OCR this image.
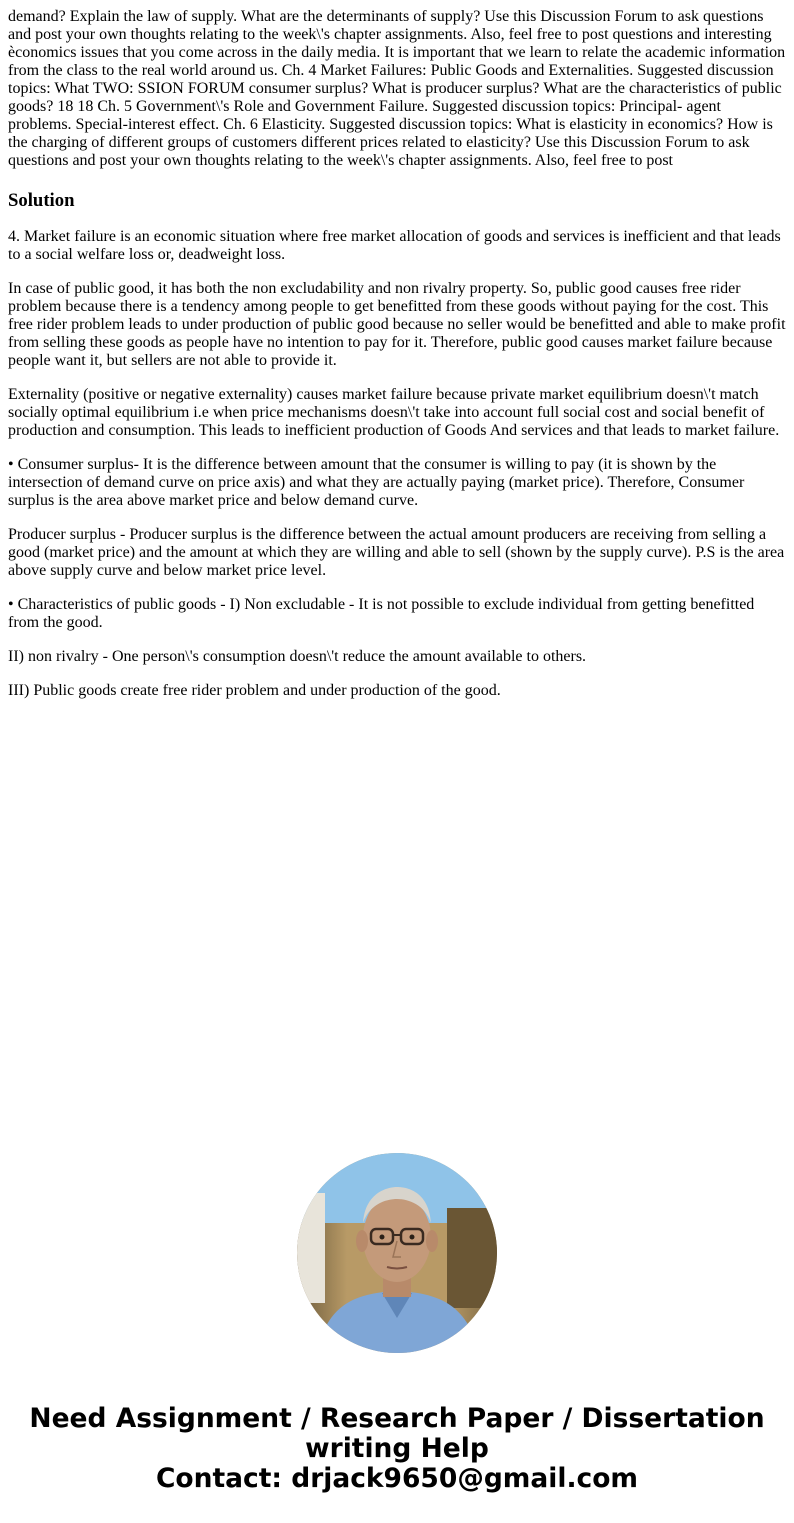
demand? Explain the law of supply. What are the determinants of supply? Use this Discussion Forum to ask questions and post your own thoughts relating to the week\'s chapter assignments. Also, feel free to post questions and interesting èconomics issues that you come across in the daily media. It is important that we learn to relate the academic information from the class to the real world around us. Ch. 4 Market Failures: Public Goods and Externalities. Suggested discussion topics: What TWO: SSION FORUM consumer surplus? What is producer surplus? What are the characteristics of public goods? 18 18 Ch. 5 Government\'s Role and Government Failure. Suggested discussion topics: Principal- agent problems. Special-interest effect. Ch. 6 Elasticity. Suggested discussion topics: What is elasticity in economics? How is the charging of different groups of customers different prices related to elasticity? Use this Discussion Forum to ask questions and post your own thoughts relating to the week\'s chapter assignments. Also, feel free to post

Solution

4. Market failure is an economic situation where free market allocation of goods and services is inefficient and that leads to a social welfare loss or, deadweight loss.

In case of public good, it has both the non excludability and non rivalry property. So, public good causes free rider problem because there is a tendency among people to get benefitted from these goods without paying for the cost. This free rider problem leads to under production of public good because no seller would be benefitted and able to make profit from selling these goods as people have no intention to pay for it. Therefore, public good causes market failure because people want it, but sellers are not able to provide it.

Externality (positive or negative externality) causes market failure because private market equilibrium doesn\'t match socially optimal equilibrium i.e when price mechanisms doesn\'t take into account full social cost and social benefit of production and consumption. This leads to inefficient production of Goods And services and that leads to market failure.

• Consumer surplus- It is the difference between amount that the consumer is willing to pay (it is shown by the intersection of demand curve on price axis) and what they are actually paying (market price). Therefore, Consumer surplus is the area above market price and below demand curve.

Producer surplus - Producer surplus is the difference between the actual amount producers are receiving from selling a good (market price) and the amount at which they are willing and able to sell (shown by the supply curve). P.S is the area above supply curve and below market price level.

• Characteristics of public goods - I) Non excludable - It is not possible to exclude individual from getting benefitted from the good.

II) non rivalry - One person\'s consumption doesn\'t reduce the amount available to others.

III) Public goods create free rider problem and under production of the good.

Need Assignment / Research Paper / Dissertation
writing Help
Contact: drjack9650@gmail.com
